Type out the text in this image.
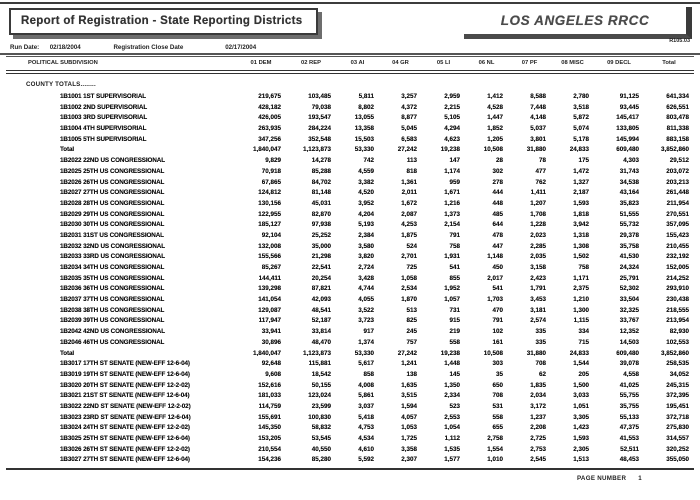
Report of Registration - State Reporting Districts	LOS ANGELES RRCC
R105.03
Run Date: 02/18/2004	Registration Close Date	02/17/2004
POLITICAL SUBDIVISION	01 DEM	02 REP	03 AI	04 GR	05 LI	06 NL	07 PF	08 MISC	09 DECL	Total
COUNTY TOTALS........										
1B1001 1ST SUPERVISORIAL	219,675	103,485	5,811	3,257	2,959	1,412	8,588	2,780	91,125	641,334
1B1002 2ND SUPERVISORIAL	428,182	79,038	8,802	4,372	2,215	4,528	7,448	3,518	93,445	626,551
1B1003 3RD SUPERVISORIAL	426,005	193,547	13,055	8,877	5,105	1,447	4,148	5,872	145,417	803,478
1B1004 4TH SUPERVISORIAL	263,935	284,224	13,358	5,045	4,294	1,852	5,037	5,074	133,805	811,338
1B1005 5TH SUPERVISORIAL	347,256	352,548	15,503	6,583	4,623	1,205	3,801	5,178	145,994	883,158
Total	1,840,047	1,123,873	53,330	27,242	19,238	10,508	31,880	24,833	609,480	3,852,860
1B2022 22ND US CONGRESSIONAL	9,829	14,278	742	113	147	28	78	175	4,303	29,512
1B2025 25TH US CONGRESSIONAL	70,918	85,288	4,559	818	1,174	302	477	1,472	31,743	203,072
1B2026 26TH US CONGRESSIONAL	67,865	84,702	3,382	1,361	959	278	762	1,327	34,538	203,213
1B2027 27TH US CONGRESSIONAL	124,812	81,148	4,520	2,011	1,671	444	1,411	2,187	43,164	261,448
1B2028 28TH US CONGRESSIONAL	130,156	45,031	3,952	1,672	1,216	448	1,207	1,593	35,823	211,954
1B2029 29TH US CONGRESSIONAL	122,955	82,870	4,204	2,087	1,373	485	1,708	1,818	51,555	270,551
1B2030 30TH US CONGRESSIONAL	185,127	97,938	5,193	4,253	2,154	644	1,228	3,942	55,732	357,095
1B2031 31ST US CONGRESSIONAL	92,104	25,252	2,384	1,875	791	478	2,023	1,318	29,378	155,423
1B2032 32ND US CONGRESSIONAL	132,008	35,000	3,580	524	758	447	2,285	1,308	35,758	210,455
1B2033 33RD US CONGRESSIONAL	155,566	21,298	3,820	2,701	1,931	1,148	2,035	1,502	41,530	232,192
1B2034 34TH US CONGRESSIONAL	85,267	22,541	2,724	725	541	450	3,158	758	24,324	152,005
1B2035 35TH US CONGRESSIONAL	144,411	20,254	3,428	1,058	855	2,017	2,423	1,171	25,791	214,252
1B2036 36TH US CONGRESSIONAL	139,298	87,821	4,744	2,534	1,952	541	1,791	2,375	52,302	293,910
1B2037 37TH US CONGRESSIONAL	141,054	42,093	4,055	1,870	1,057	1,703	3,453	1,210	33,504	230,438
1B2038 38TH US CONGRESSIONAL	129,087	48,541	3,522	513	731	470	3,181	1,300	32,325	218,555
1B2039 39TH US CONGRESSIONAL	117,947	52,187	3,723	825	915	791	2,574	1,115	33,767	213,954
1B2042 42ND US CONGRESSIONAL	33,941	33,814	917	245	219	102	335	334	12,352	82,930
1B2046 46TH US CONGRESSIONAL	30,896	48,470	1,374	757	558	161	335	715	14,503	102,553
Total	1,840,047	1,123,873	53,330	27,242	19,238	10,508	31,880	24,833	609,480	3,852,860
1B3017 17TH ST SENATE (NEW-EFF 12-6-04)	92,648	115,881	5,617	1,241	1,448	303	708	1,544	39,078	258,535
1B3019 19TH ST SENATE (NEW-EFF 12-6-04)	9,608	18,542	858	138	145	35	62	205	4,558	34,052
1B3020 20TH ST SENATE (NEW-EFF 12-2-02)	152,616	50,155	4,008	1,635	1,350	650	1,835	1,500	41,025	245,315
1B3021 21ST ST SENATE (NEW-EFF 12-6-04)	181,033	123,024	5,861	3,515	2,334	708	2,034	3,033	55,755	372,395
1B3022 22ND ST SENATE (NEW-EFF 12-2-02)	114,759	23,599	3,037	1,594	523	531	3,172	1,051	35,755	195,451
1B3023 23RD ST SENATE (NEW-EFF 12-6-04)	155,691	100,830	5,418	4,057	2,553	558	1,237	3,305	55,133	372,718
1B3024 24TH ST SENATE (NEW-EFF 12-2-02)	145,350	58,832	4,753	1,053	1,054	655	2,208	1,423	47,375	275,830
1B3025 25TH ST SENATE (NEW-EFF 12-6-04)	153,205	53,545	4,534	1,725	1,112	2,758	2,725	1,593	41,553	314,557
1B3026 26TH ST SENATE (NEW-EFF 12-2-02)	210,554	40,550	4,610	3,358	1,535	1,554	2,753	2,305	52,511	320,252
1B3027 27TH ST SENATE (NEW-EFF 12-6-04)	154,236	85,280	5,592	2,307	1,577	1,010	2,545	1,513	48,453	355,050
PAGE NUMBER 1
